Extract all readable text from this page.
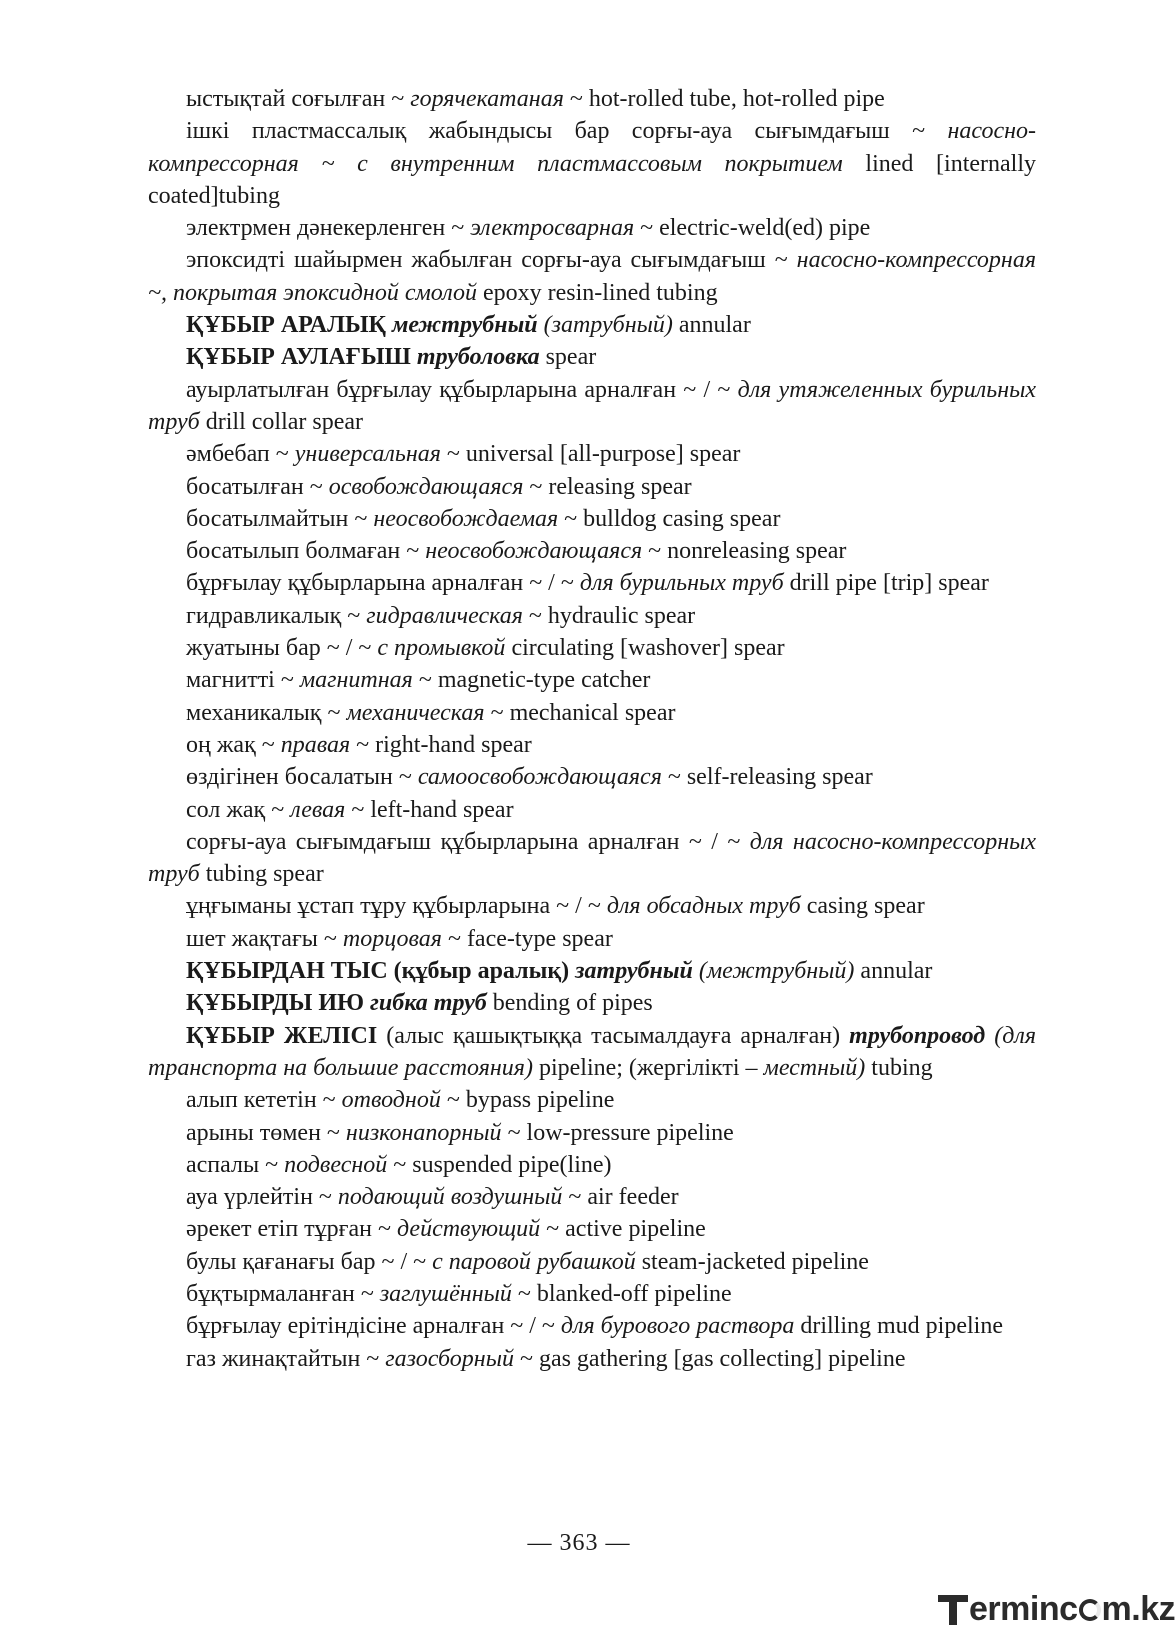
ыстықтай соғылған ~ горячекатаная ~ hot-rolled tube, hot-rolled pipe

ішкі пластмассалық жабындысы бар сорғы-ауа сығымдағыш ~ насосно-компрессорная ~ с внутренним пластмассовым покрытием lined [internally coated]tubing

электрмен дәнекерленген ~ электросварная ~ electric-weld(ed) pipe

эпоксидті шайырмен жабылған сорғы-ауа сығымдағыш ~ насосно-компрессорная ~, покрытая эпоксидной смолой epoxy resin-lined tubing

ҚҰБЫР АРАЛЫҚ межтрубный (затрубный) annular

ҚҰБЫР АУЛАҒЫШ труболовка spear

ауырлатылған бұрғылау құбырларына арналған ~ / ~ для утяжеленных бурильных труб drill collar spear

әмбебап ~ универсальная ~ universal [all-purpose] spear

босатылған ~ освобождающаяся ~ releasing spear

босатылмайтын ~ неосвобождаемая ~ bulldog casing spear

босатылып болмаған ~ неосвобождающаяся ~ nonreleasing spear

бұрғылау құбырларына арналған ~ / ~ для бурильных труб drill pipe [trip] spear

гидравликалық ~ гидравлическая ~ hydraulic spear

жуатыны бар ~ / ~ с промывкой circulating [washover] spear

магнитті ~ магнитная ~ magnetic-type catcher

механикалық ~ механическая ~ mechanical spear

оң жақ ~ правая ~ right-hand spear

өздігінен босалатын ~ самоосвобождающаяся ~ self-releasing spear

сол жақ ~ левая ~ left-hand spear

сорғы-ауа сығымдағыш құбырларына арналған ~ / ~ для насосно-компрессорных труб tubing spear

ұңғыманы ұстап тұру құбырларына ~ / ~ для обсадных труб casing spear

шет жақтағы ~ торцовая ~ face-type spear

ҚҰБЫРДАН ТЫС (құбыр аралық) затрубный (межтрубный) annular

ҚҰБЫРДЫ ИЮ гибка труб bending of pipes

ҚҰБЫР ЖЕЛІСІ (алыс қашықтыққа тасымалдауға арналған) трубопровод (для транспорта на большие расстояния) pipeline; (жергілікті – местный) tubing

алып кететін ~ отводной ~ bypass pipeline

арыны төмен ~ низконапорный ~ low-pressure pipeline

аспалы ~ подвесной ~ suspended pipe(line)

ауа үрлейтін ~ подающий воздушный ~ air feeder

әрекет етіп тұрған ~ действующий ~ active pipeline

булы қағанағы бар ~ / ~ с паровой рубашкой steam-jacketed pipeline

бұқтырмаланған ~ заглушённый ~ blanked-off pipeline

бұрғылау ерітіндісіне арналған ~ / ~ для бурового раствора drilling mud pipeline

газ жинақтайтын ~ газосборный ~ gas gathering [gas collecting] pipeline

— 363 —
ermin c m.kz
